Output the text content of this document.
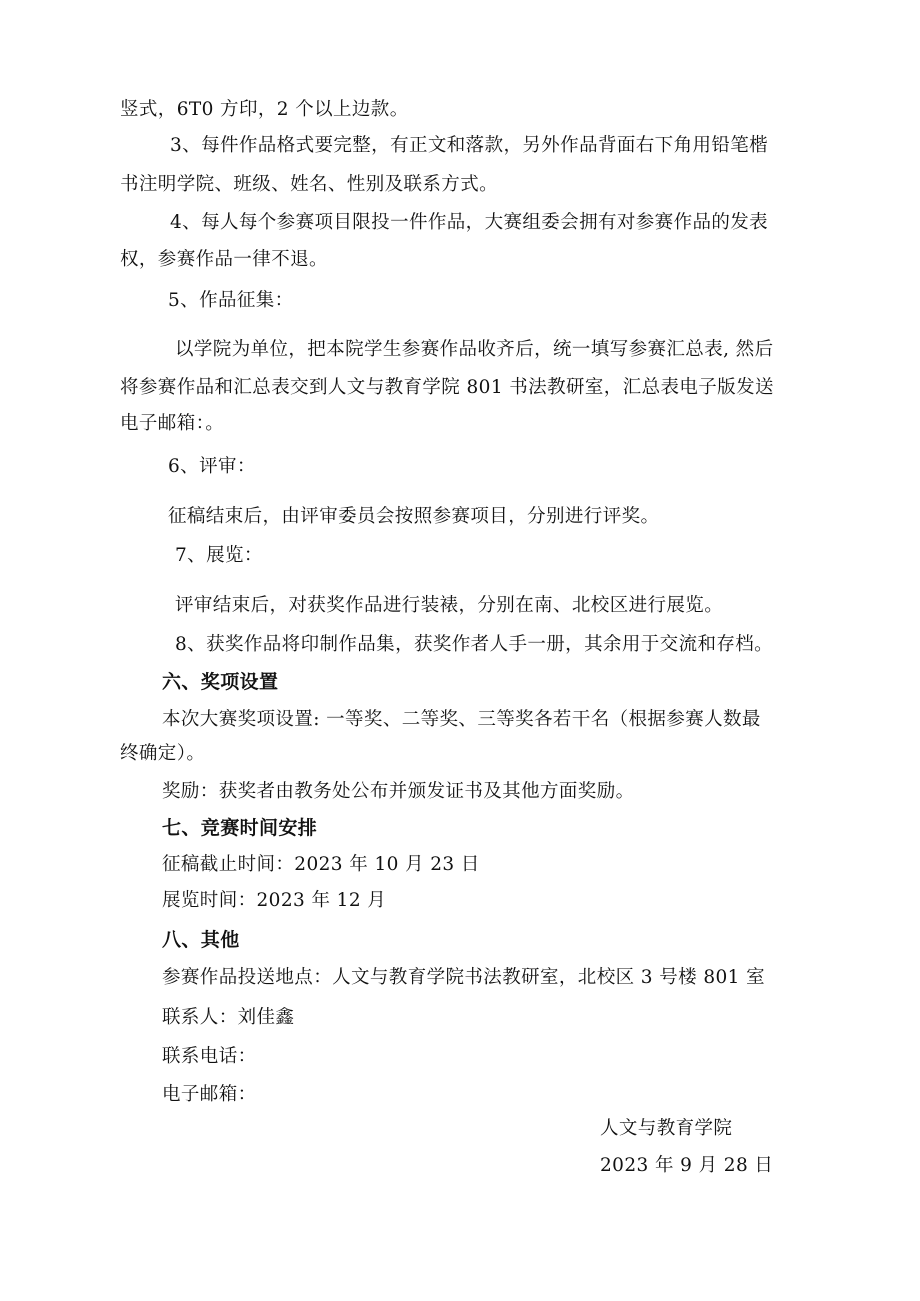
竖式，6T0 方印，2 个以上边款。
3、每件作品格式要完整，有正文和落款，另外作品背面右下角用铅笔楷
书注明学院、班级、姓名、性别及联系方式。
4、每人每个参赛项目限投一件作品，大赛组委会拥有对参赛作品的发表
权，参赛作品一律不退。
5、作品征集：
以学院为单位，把本院学生参赛作品收齐后，统一填写参赛汇总表, 然后
将参赛作品和汇总表交到人文与教育学院 801 书法教研室，汇总表电子版发送
电子邮箱：。
6、评审：
征稿结束后，由评审委员会按照参赛项目，分别进行评奖。
7、展览：
评审结束后，对获奖作品进行装裱，分别在南、北校区进行展览。
8、获奖作品将印制作品集，获奖作者人手一册，其余用于交流和存档。
六、奖项设置
本次大赛奖项设置: 一等奖、二等奖、三等奖各若干名（根据参赛人数最
终确定）。
奖励：获奖者由教务处公布并颁发证书及其他方面奖励。
七、竞赛时间安排
征稿截止时间：2023 年 10 月 23 日
展览时间：2023 年 12 月
八、其他
参赛作品投送地点：人文与教育学院书法教研室，北校区 3 号楼 801 室
联系人：刘佳鑫
联系电话：
电子邮箱：
人文与教育学院
2023 年 9 月 28 日
